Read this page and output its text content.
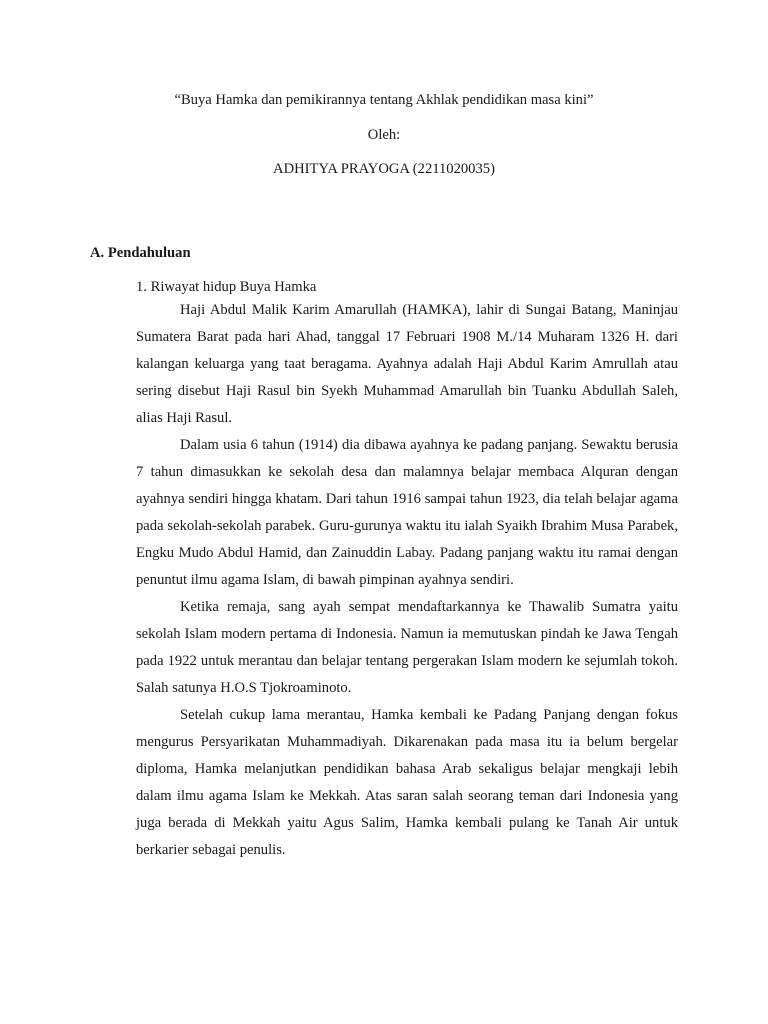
“Buya Hamka dan pemikirannya tentang Akhlak pendidikan masa kini”
Oleh:
ADHITYA PRAYOGA (2211020035)
A. Pendahuluan
1. Riwayat hidup Buya Hamka

Haji Abdul Malik Karim Amarullah (HAMKA), lahir di Sungai Batang, Maninjau Sumatera Barat pada hari Ahad, tanggal 17 Februari 1908 M./14 Muharam 1326 H. dari kalangan keluarga yang taat beragama. Ayahnya adalah Haji Abdul Karim Amrullah atau sering disebut Haji Rasul bin Syekh Muhammad Amarullah bin Tuanku Abdullah Saleh, alias Haji Rasul.

Dalam usia 6 tahun (1914) dia dibawa ayahnya ke padang panjang. Sewaktu berusia 7 tahun dimasukkan ke sekolah desa dan malamnya belajar membaca Alquran dengan ayahnya sendiri hingga khatam. Dari tahun 1916 sampai tahun 1923, dia telah belajar agama pada sekolah-sekolah parabek. Guru-gurunya waktu itu ialah Syaikh Ibrahim Musa Parabek, Engku Mudo Abdul Hamid, dan Zainuddin Labay. Padang panjang waktu itu ramai dengan penuntut ilmu agama Islam, di bawah pimpinan ayahnya sendiri.

Ketika remaja, sang ayah sempat mendaftarkannya ke Thawalib Sumatra yaitu sekolah Islam modern pertama di Indonesia. Namun ia memutuskan pindah ke Jawa Tengah pada 1922 untuk merantau dan belajar tentang pergerakan Islam modern ke sejumlah tokoh. Salah satunya H.O.S Tjokroaminoto.

Setelah cukup lama merantau, Hamka kembali ke Padang Panjang dengan fokus mengurus Persyarikatan Muhammadiyah. Dikarenakan pada masa itu ia belum bergelar diploma, Hamka melanjutkan pendidikan bahasa Arab sekaligus belajar mengkaji lebih dalam ilmu agama Islam ke Mekkah. Atas saran salah seorang teman dari Indonesia yang juga berada di Mekkah yaitu Agus Salim, Hamka kembali pulang ke Tanah Air untuk berkarier sebagai penulis.
